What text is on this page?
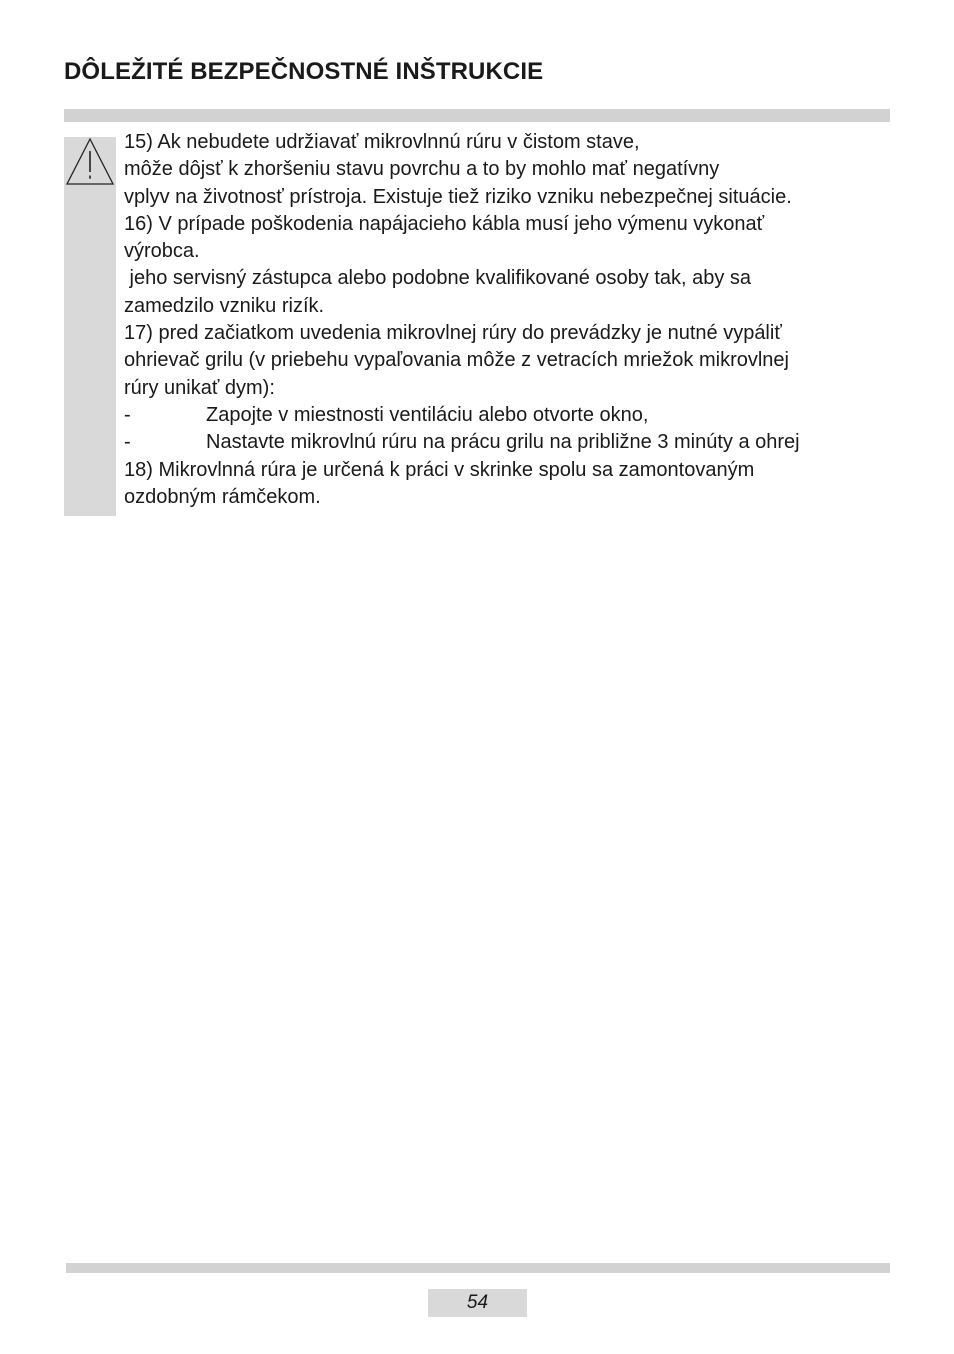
DÔLEŽITÉ BEZPEČNOSTNÉ INŠTRUKCIE
15) Ak nebudete udržiavať mikrovlnnú rúru v čistom stave,
môže dôjsť k zhoršeniu stavu povrchu a to by mohlo mať negatívny
vplyv na životnosť prístroja. Existuje tiež riziko vzniku nebezpečnej situácie.
16) V prípade poškodenia napájacieho kábla musí jeho výmenu vykonať
výrobca.
jeho servisný zástupca alebo podobne kvalifikované osoby tak, aby sa
zamedzilo vzniku rizík.
17) pred začiatkom uvedenia mikrovlnej rúry do prevádzky je nutné vypáliť
ohrievač grilu (v priebehu vypaľovania môže z vetracích mriežok mikrovlnej
rúry unikať dym):
-	Zapojte v miestnosti ventiláciu alebo otvorte okno,
-	Nastavte mikrovlnú rúru na prácu grilu na približne 3 minúty a ohrej
18) Mikrovlnná rúra je určená k práci v skrinke spolu sa zamontovaným
ozdobným rámčekom.
54
